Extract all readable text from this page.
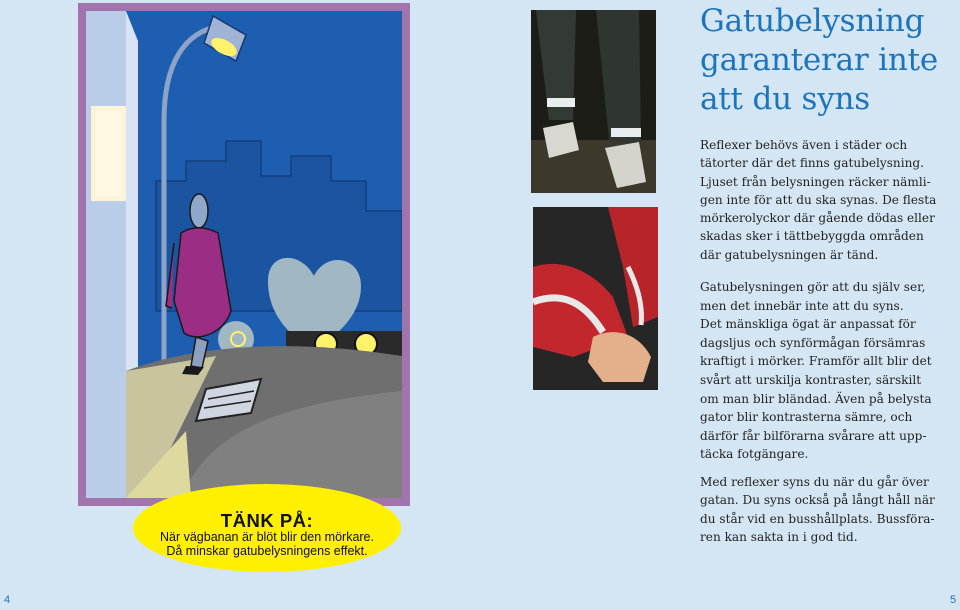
TÄNK PÅ:
När vägbanan är blöt blir den mörkare.
Då minskar gatubelysningens effekt.
Gatubelysning
garanterar inte
att du syns
Reflexer behövs även i städer och
tätorter där det finns gatubelysning.
Ljuset från belysningen räcker nämli-
gen inte för att du ska synas. De flesta
mörkerolyckor där gående dödas eller
skadas sker i tättbebyggda områden
där gatubelysningen är tänd.
Gatubelysningen gör att du själv ser,
men det innebär inte att du syns.
Det mänskliga ögat är anpassat för
dagsljus och synförmågan försämras
kraftigt i mörker. Framför allt blir det
svårt att urskilja kontraster, särskilt
om man blir bländad. Även på belysta
gator blir kontrasterna sämre, och
därför får bilförarna svårare att upp-
täcka fotgängare.
Med reflexer syns du när du går över
gatan. Du syns också på långt håll när
du står vid en busshållplats. Bussföra-
ren kan sakta in i god tid.
4	5
